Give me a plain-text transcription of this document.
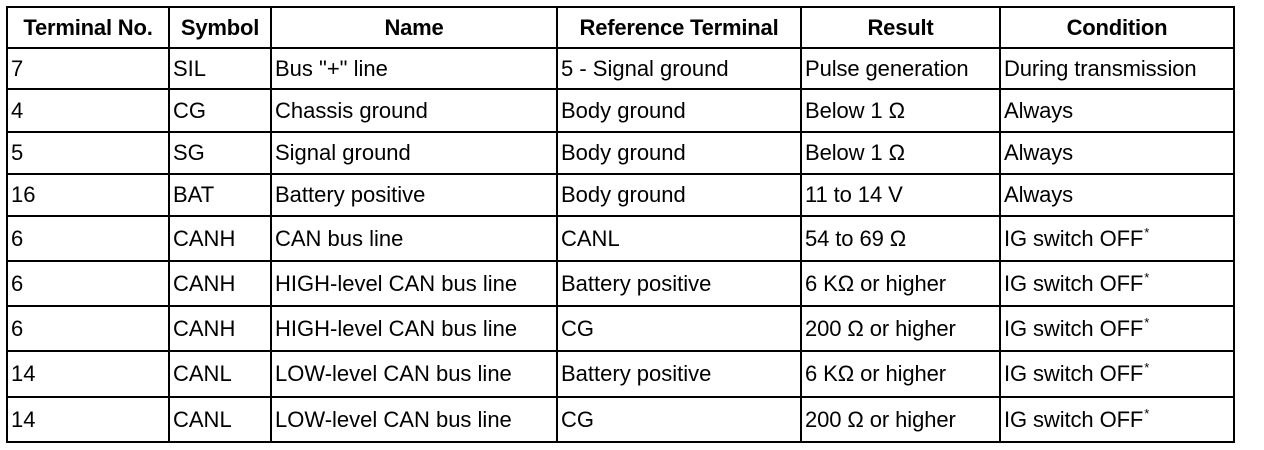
Terminal No.	Symbol	Name	Reference Terminal	Result	Condition
7	SIL	Bus "+" line	5 - Signal ground	Pulse generation	During transmission
4	CG	Chassis ground	Body ground	Below 1 Ω	Always
5	SG	Signal ground	Body ground	Below 1 Ω	Always
16	BAT	Battery positive	Body ground	11 to 14 V	Always
6	CANH	CAN bus line	CANL	54 to 69 Ω	IG switch OFF*
6	CANH	HIGH-level CAN bus line	Battery positive	6 KΩ or higher	IG switch OFF*
6	CANH	HIGH-level CAN bus line	CG	200 Ω or higher	IG switch OFF*
14	CANL	LOW-level CAN bus line	Battery positive	6 KΩ or higher	IG switch OFF*
14	CANL	LOW-level CAN bus line	CG	200 Ω or higher	IG switch OFF*
